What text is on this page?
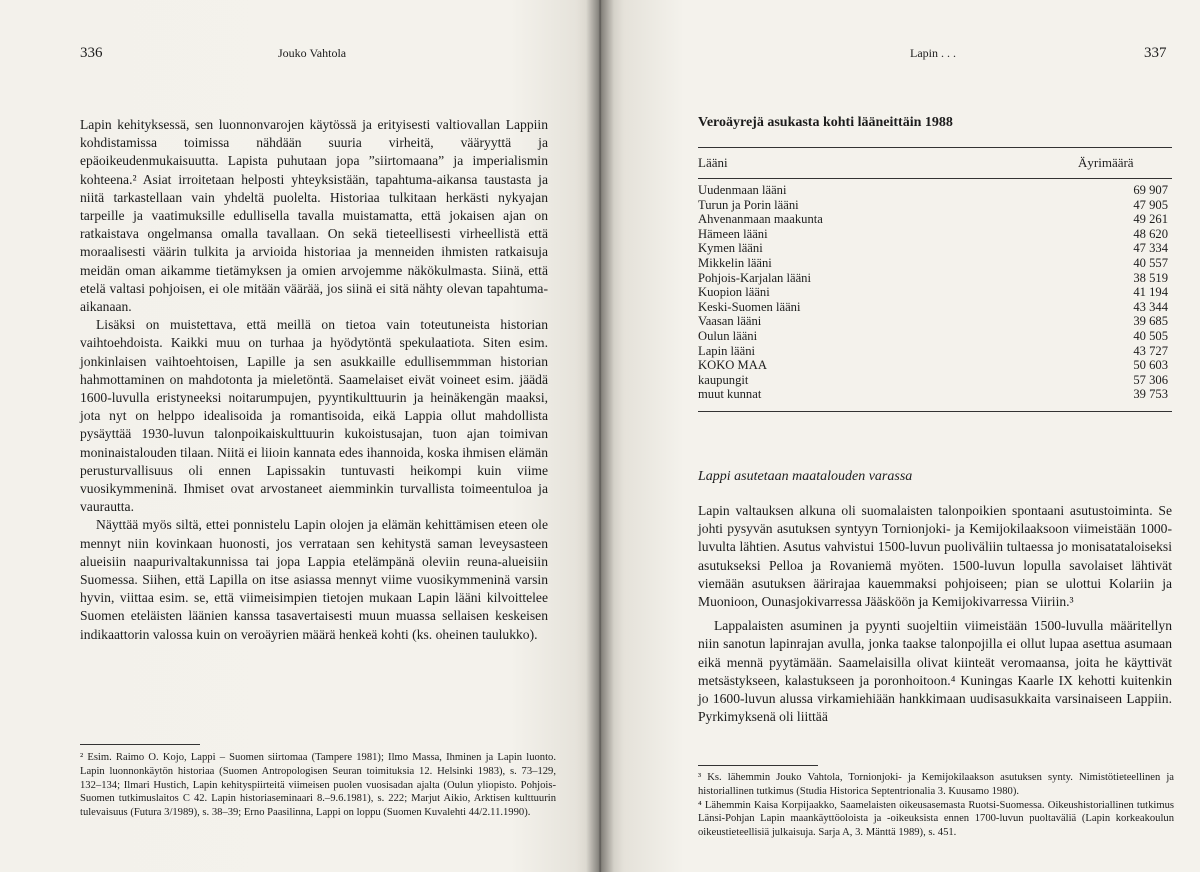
336	Jouko Vahtola

Lapin kehityksessä, sen luonnonvarojen käytössä ja erityisesti valtiovallan Lappiin kohdistamissa toimissa nähdään suuria virheitä, vääryyttä ja epäoikeudenmukaisuutta. Lapista puhutaan jopa ”siirtomaana” ja imperialismin kohteena.² Asiat irroitetaan helposti yhteyksistään, tapahtuma-aikansa taustasta ja niitä tarkastellaan vain yhdeltä puolelta. Historiaa tulkitaan herkästi nykyajan tarpeille ja vaatimuksille edullisella tavalla muistamatta, että jokaisen ajan on ratkaistava ongelmansa omalla tavallaan. On sekä tieteellisesti virheellistä että moraalisesti väärin tulkita ja arvioida historiaa ja menneiden ihmisten ratkaisuja meidän oman aikamme tietämyksen ja omien arvojemme näkökulmasta. Siinä, että etelä valtasi pohjoisen, ei ole mitään väärää, jos siinä ei sitä nähty olevan tapahtuma-aikanaan.

Lisäksi on muistettava, että meillä on tietoa vain toteutuneista historian vaihtoehdoista. Kaikki muu on turhaa ja hyödytöntä spekulaatiota. Siten esim. jonkinlaisen vaihtoehtoisen, Lapille ja sen asukkaille edullisemmman historian hahmottaminen on mahdotonta ja mieletöntä. Saamelaiset eivät voineet esim. jäädä 1600-luvulla eristyneeksi noitarumpujen, pyyntikulttuurin ja heinäkengän maaksi, jota nyt on helppo idealisoida ja romantisoida, eikä Lappia ollut mahdollista pysäyttää 1930-luvun talonpoikaiskulttuurin kukoistusajan, tuon ajan toimivan moninaistalouden tilaan. Niitä ei liioin kannata edes ihannoida, koska ihmisen elämän perusturvallisuus oli ennen Lapissakin tuntuvasti heikompi kuin viime vuosikymmeninä. Ihmiset ovat arvostaneet aiemminkin turvallista toimeentuloa ja vaurautta.

Näyttää myös siltä, ettei ponnistelu Lapin olojen ja elämän kehittämisen eteen ole mennyt niin kovinkaan huonosti, jos verrataan sen kehitystä saman leveysasteen alueisiin naapurivaltakunnissa tai jopa Lappia etelämpänä oleviin reuna-alueisiin Suomessa. Siihen, että Lapilla on itse asiassa mennyt viime vuosikymmeninä varsin hyvin, viittaa esim. se, että viimeisimpien tietojen mukaan Lapin lääni kilvoittelee Suomen eteläisten läänien kanssa tasavertaisesti muun muassa sellaisen keskeisen indikaattorin valossa kuin on veroäyrien määrä henkeä kohti (ks. oheinen taulukko).

² Esim. Raimo O. Kojo, Lappi – Suomen siirtomaa (Tampere 1981); Ilmo Massa, Ihminen ja Lapin luonto. Lapin luonnonkäytön historiaa (Suomen Antropologisen Seuran toimituksia 12. Helsinki 1983), s. 73–129, 132–134; Ilmari Hustich, Lapin kehityspiirteitä viimeisen puolen vuosisadan ajalta (Oulun yliopisto. Pohjois-Suomen tutkimuslaitos C 42. Lapin historiaseminaari 8.–9.6.1981), s. 222; Marjut Aikio, Arktisen kulttuurin tulevaisuus (Futura 3/1989), s. 38–39; Erno Paasilinna, Lappi on loppu (Suomen Kuvalehti 44/2.11.1990).

Lapin . . .	337
Veroäyrejä asukasta kohti lääneittäin 1988
Lääni	Äyrimäärä
Uudenmaan lääni	69 907
Turun ja Porin lääni	47 905
Ahvenanmaan maakunta	49 261
Hämeen lääni	48 620
Kymen lääni	47 334
Mikkelin lääni	40 557
Pohjois-Karjalan lääni	38 519
Kuopion lääni	41 194
Keski-Suomen lääni	43 344
Vaasan lääni	39 685
Oulun lääni	40 505
Lapin lääni	43 727
KOKO MAA	50 603
kaupungit	57 306
muut kunnat	39 753
Lappi asutetaan maatalouden varassa

Lapin valtauksen alkuna oli suomalaisten talonpoikien spontaani asutustoiminta. Se johti pysyvän asutuksen syntyyn Tornionjoki- ja Kemijokilaaksoon viimeistään 1000-luvulta lähtien. Asutus vahvistui 1500-luvun puoliväliin tultaessa jo monisatataloiseksi asutukseksi Pelloa ja Rovaniemä myöten. 1500-luvun lopulla savolaiset lähtivät viemään asutuksen äärirajaa kauemmaksi pohjoiseen; pian se ulottui Kolariin ja Muonioon, Ounasjokivarressa Jääsköön ja Kemijokivarressa Viiriin.³

Lappalaisten asuminen ja pyynti suojeltiin viimeistään 1500-luvulla määritellyn niin sanotun lapinrajan avulla, jonka taakse talonpojilla ei ollut lupaa asettua asumaan eikä mennä pyytämään. Saamelaisilla olivat kiinteät veromaansa, joita he käyttivät metsästykseen, kalastukseen ja poronhoitoon.⁴ Kuningas Kaarle IX kehotti kuitenkin jo 1600-luvun alussa virkamiehiään hankkimaan uudisasukkaita varsinaiseen Lappiin. Pyrkimyksenä oli liittää

³ Ks. lähemmin Jouko Vahtola, Tornionjoki- ja Kemijokilaakson asutuksen synty. Nimistötieteellinen ja historiallinen tutkimus (Studia Historica Septentrionalia 3. Kuusamo 1980).

⁴ Lähemmin Kaisa Korpijaakko, Saamelaisten oikeusasemasta Ruotsi-Suomessa. Oikeushistoriallinen tutkimus Länsi-Pohjan Lapin maankäyttöoloista ja -oikeuksista ennen 1700-luvun puoltaväliä (Lapin korkeakoulun oikeustieteellisiä julkaisuja. Sarja A, 3. Mänttä 1989), s. 451.
